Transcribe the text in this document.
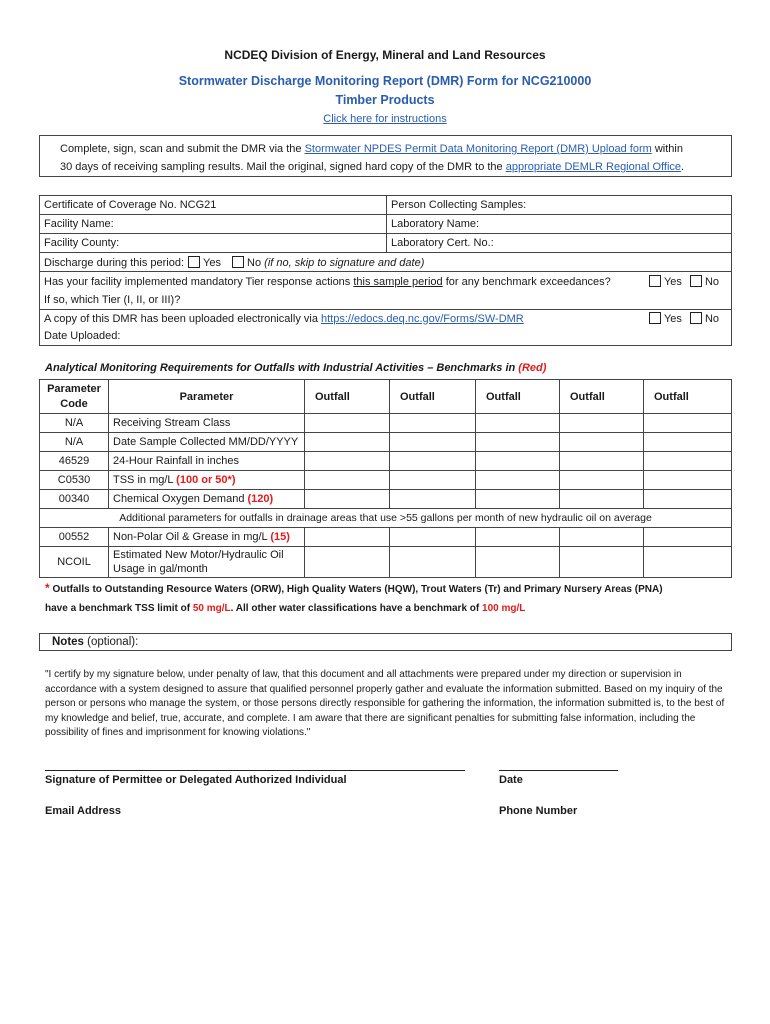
NCDEQ Division of Energy, Mineral and Land Resources
Stormwater Discharge Monitoring Report (DMR) Form for NCG210000
Timber Products
Click here for instructions
Complete, sign, scan and submit the DMR via the Stormwater NPDES Permit Data Monitoring Report (DMR) Upload form within
30 days of receiving sampling results. Mail the original, signed hard copy of the DMR to the appropriate DEMLR Regional Office.
Certificate of Coverage No. NCG21	Person Collecting Samples:
Facility Name:	Laboratory Name:
Facility County:	Laboratory Cert. No.:
Discharge during this period: Yes No (if no, skip to signature and date)	

Has your facility implemented mandatory Tier response actions this sample period for any benchmark exceedances? Yes No
If so, which Tier (I, II, or III)?	

A copy of this DMR has been uploaded electronically via https://edocs.deq.nc.gov/Forms/SW-DMR Yes No
Date Uploaded:	
Analytical Monitoring Requirements for Outfalls with Industrial Activities – Benchmarks in (Red)
Parameter
Code	Parameter	Outfall	Outfall	Outfall	Outfall	Outfall
N/A	Receiving Stream Class					
N/A	Date Sample Collected MM/DD/YYYY					
46529	24-Hour Rainfall in inches					
C0530	TSS in mg/L (100 or 50*)					
00340	Chemical Oxygen Demand (120)					
Additional parameters for outfalls in drainage areas that use >55 gallons per month of new hydraulic oil on average						
00552	Non-Polar Oil & Grease in mg/L (15)					
NCOIL	Estimated New Motor/Hydraulic Oil Usage in gal/month					
* Outfalls to Outstanding Resource Waters (ORW), High Quality Waters (HQW), Trout Waters (Tr) and Primary Nursery Areas (PNA)
have a benchmark TSS limit of 50 mg/L. All other water classifications have a benchmark of 100 mg/L
Notes (optional):
"I certify by my signature below, under penalty of law, that this document and all attachments were prepared under my direction or supervision in accordance with a system designed to assure that qualified personnel properly gather and evaluate the information submitted. Based on my inquiry of the person or persons who manage the system, or those persons directly responsible for gathering the information, the information submitted is, to the best of my knowledge and belief, true, accurate, and complete. I am aware that there are significant penalties for submitting false information, including the possibility of fines and imprisonment for knowing violations."
Signature of Permittee or Delegated Authorized Individual	Date
Email Address	Phone Number
